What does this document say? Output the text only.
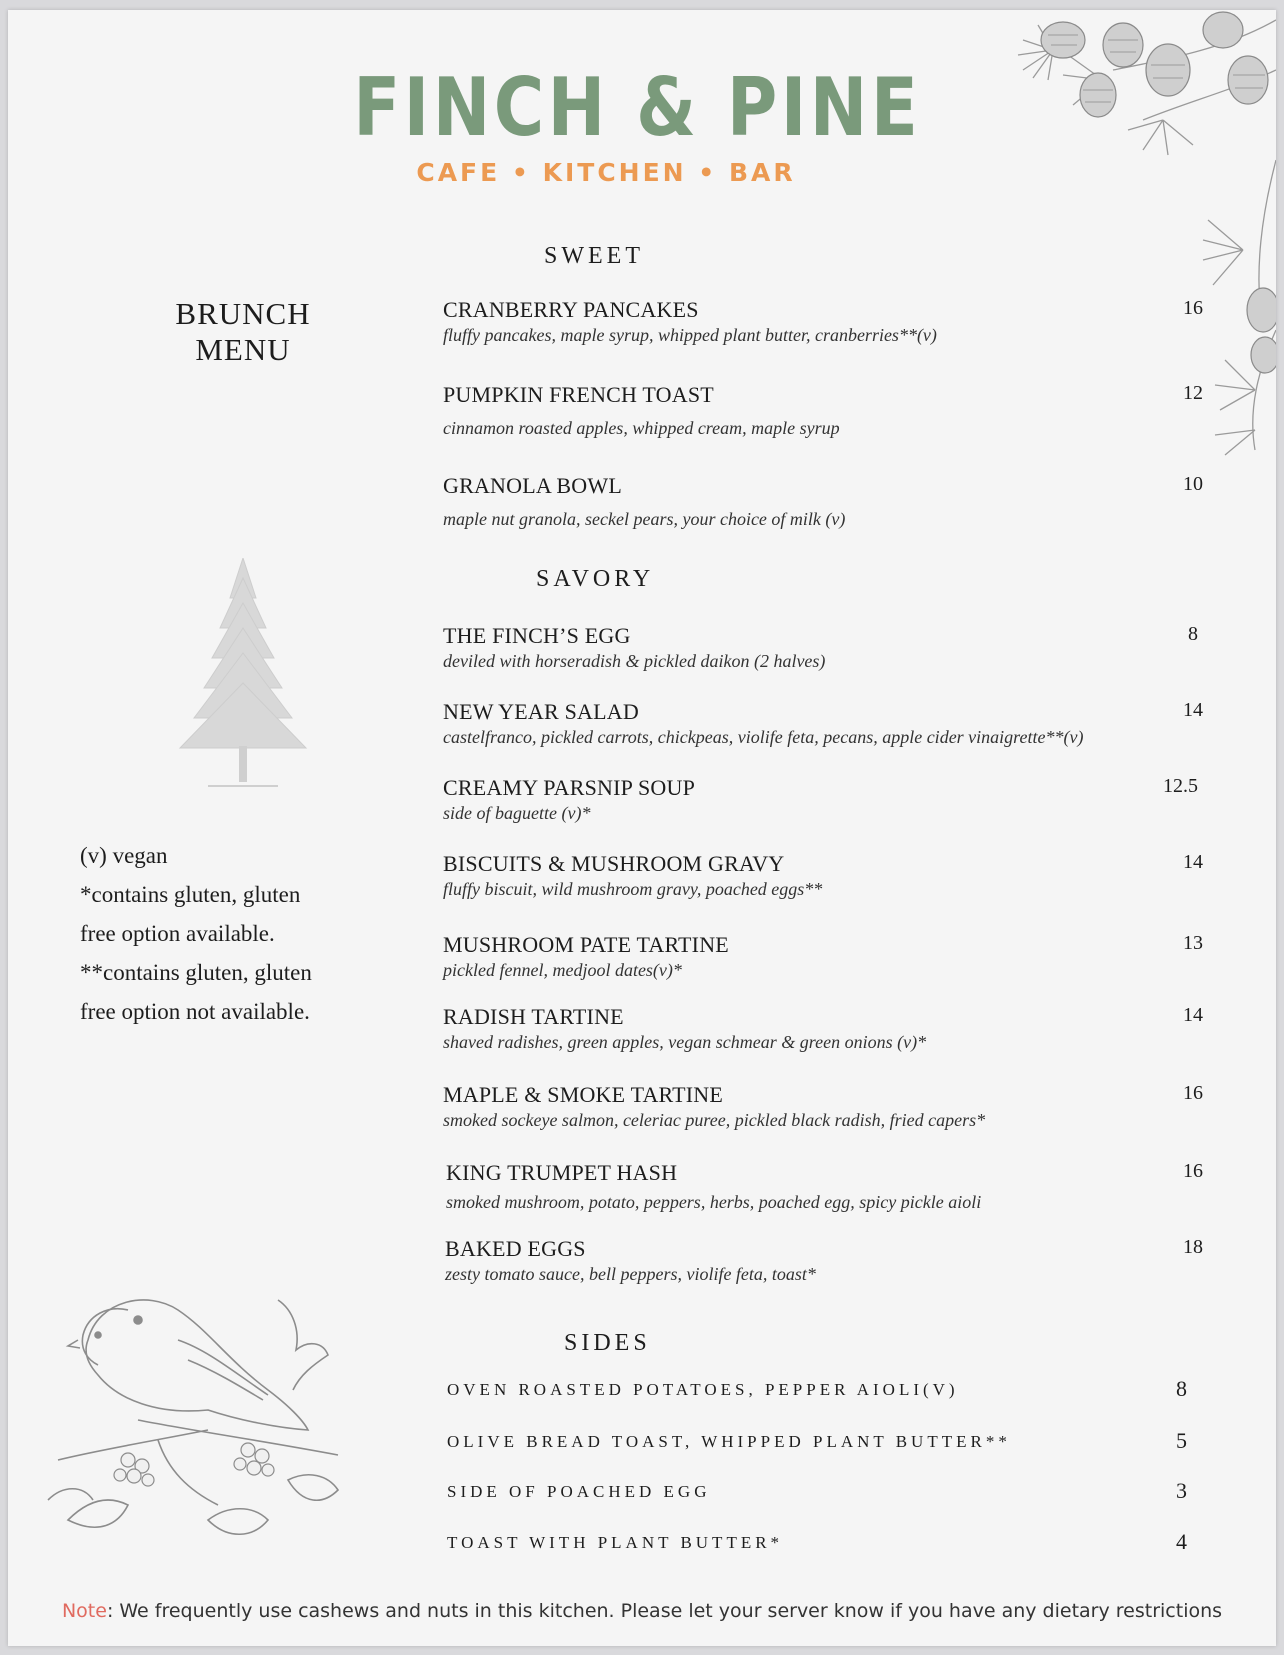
FINCH & PINE
CAFE • KITCHEN • BAR
BRUNCH
MENU
(v) vegan
*contains gluten, gluten
free option available.
**contains gluten, gluten
free option not available.
SWEET
CRANBERRY PANCAKES
fluffy pancakes, maple syrup, whipped plant butter, cranberries**(v)
16
PUMPKIN FRENCH TOAST
cinnamon roasted apples, whipped cream, maple syrup
12
GRANOLA BOWL
maple nut granola, seckel pears, your choice of milk (v)
10
SAVORY
THE FINCH’S EGG
deviled with horseradish & pickled daikon (2 halves)
8
NEW YEAR SALAD
castelfranco, pickled carrots, chickpeas, violife feta, pecans, apple cider vinaigrette**(v)
14
CREAMY PARSNIP SOUP
side of baguette (v)*
12.5
BISCUITS & MUSHROOM GRAVY
fluffy biscuit, wild mushroom gravy, poached eggs**
14
MUSHROOM PATE TARTINE
pickled fennel, medjool dates(v)*
13
RADISH TARTINE
shaved radishes, green apples, vegan schmear & green onions (v)*
14
MAPLE & SMOKE TARTINE
smoked sockeye salmon, celeriac puree, pickled black radish, fried capers*
16
KING TRUMPET HASH
smoked mushroom, potato, peppers, herbs, poached egg, spicy pickle aioli
16
BAKED EGGS
zesty tomato sauce, bell peppers, violife feta, toast*
18
SIDES
OVEN ROASTED POTATOES, PEPPER AIOLI(V)	8
OLIVE BREAD TOAST, WHIPPED PLANT BUTTER**	5
SIDE OF POACHED EGG	3
TOAST WITH PLANT BUTTER*	4
Note: We frequently use cashews and nuts in this kitchen. Please let your server know if you have any dietary restrictions
